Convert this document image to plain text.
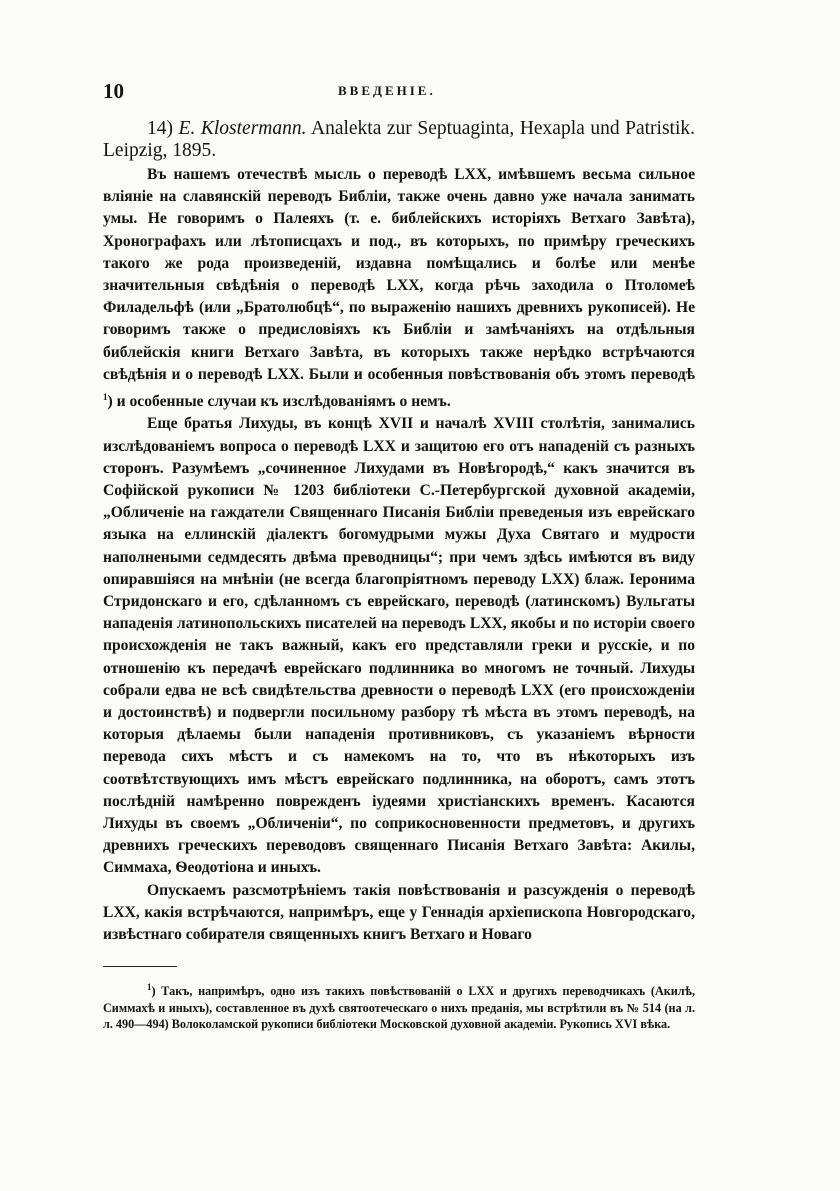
10	ВВЕДЕНІЕ.

14) E. Klostermann. Analekta zur Septuaginta, Hexapla und Patristik. Leipzig, 1895.

Въ нашемъ отечествѣ мысль о переводѣ LXX, имѣвшемъ весьма сильное вліяніе на славянскій переводъ Библіи, также очень давно уже начала занимать умы. Не говоримъ о Палеяхъ (т. е. библейскихъ исторіяхъ Ветхаго Завѣта), Хронографахъ или лѣтописцахъ и под., въ которыхъ, по примѣру греческихъ такого же рода произведеній, издавна помѣщались и болѣе или менѣе значительныя свѣдѣнія о переводѣ LXX, когда рѣчь заходила о Птоломеѣ Филадельфѣ (или „Братолюбцѣ“, по выраженію нашихъ древнихъ рукописей). Не говоримъ также о предисловіяхъ къ Библіи и замѣчаніяхъ на отдѣльныя библейскія книги Ветхаго Завѣта, въ которыхъ также нерѣдко встрѣчаются свѣдѣнія и о переводѣ LXX. Были и особенныя повѣствованія объ этомъ переводѣ $^1$) и особенные случаи къ изслѣдованіямъ о немъ.

Еще братья Лихуды, въ концѣ XVII и началѣ XVIII столѣтія, занимались изслѣдованіемъ вопроса о переводѣ LXX и защитою его отъ нападеній съ разныхъ сторонъ. Разумѣемъ „сочиненное Лихудами въ Новѣгородѣ,“ какъ значится въ Софійской рукописи № 1203 библіотеки С.-Петербургской духовной академіи, „Обличеніе на гаждатели Священнаго Писанія Библіи преведеныя изъ еврейскаго языка на еллинскій діалектъ богомудрыми мужы Духа Святаго и мудрости наполнеными седмдесять двѣма преводницы“; при чемъ здѣсь имѣются въ виду опиравшіяся на мнѣніи (не всегда благопріятномъ переводу LXX) блаж. Іеронима Стридонскаго и его, сдѣланномъ съ еврейскаго, переводѣ (латинскомъ) Вульгаты нападенія латинопольскихъ писателей на переводъ LXX, якобы и по исторіи своего происхожденія не такъ важный, какъ его представляли греки и русскіе, и по отношенію къ передачѣ еврейскаго подлинника во многомъ не точный. Лихуды собрали едва не всѣ свидѣтельства древности о переводѣ LXX (его происхожденіи и достоинствѣ) и подвергли посильному разбору тѣ мѣста въ этомъ переводѣ, на которыя дѣлаемы были нападенія противниковъ, съ указаніемъ вѣрности перевода сихъ мѣстъ и съ намекомъ на то, что въ нѣкоторыхъ изъ соотвѣтствующихъ имъ мѣстъ еврейскаго подлинника, на оборотъ, самъ этотъ послѣдній намѣренно поврежденъ іудеями христіанскихъ временъ. Касаются Лихуды въ своемъ „Обличеніи“, по соприкосновенности предметовъ, и другихъ древнихъ греческихъ переводовъ священнаго Писанія Ветхаго Завѣта: Акилы, Симмаха, Ѳеодотіона и иныхъ.

Опускаемъ разсмотрѣніемъ такія повѣствованія и разсужденія о переводѣ LXX, какія встрѣчаются, напримѣръ, еще у Геннадія архіепископа Новгородскаго, извѣстнаго собирателя священныхъ книгъ Ветхаго и Новаго

$^1$) Такъ, напримѣръ, одно изъ такихъ повѣствованій о LXX и другихъ переводчикахъ (Акилѣ, Симмахѣ и иныхъ), составленное въ духѣ святоотеческаго о нихъ преданія, мы встрѣтили въ № 514 (на л. л. 490—494) Волоколамской рукописи библіотеки Московской духовной академіи. Рукопись XVI вѣка.
